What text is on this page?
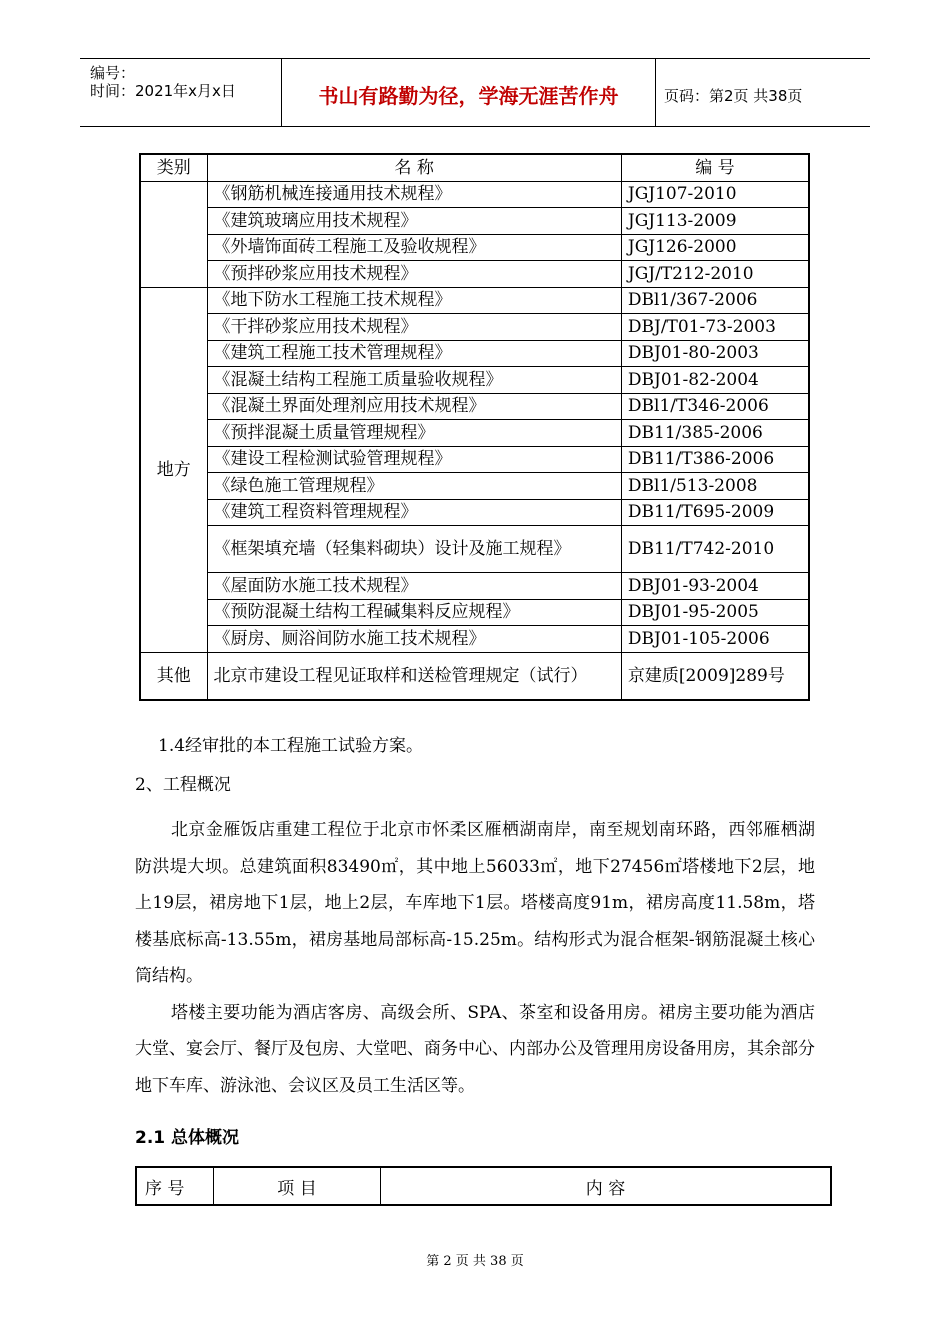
编号：
时间：2021年x月x日	书山有路勤为径，学海无涯苦作舟	页码：第2页 共38页
类别	名 称	编 号
	《钢筋机械连接通用技术规程》	JGJ107-2010
	《建筑玻璃应用技术规程》	JGJ113-2009
	《外墙饰面砖工程施工及验收规程》	JGJ126-2000
	《预拌砂浆应用技术规程》	JGJ/T212-2010
地方	《地下防水工程施工技术规程》	DBl1/367-2006
	《干拌砂浆应用技术规程》	DBJ/T01-73-2003
	《建筑工程施工技术管理规程》	DBJ01-80-2003
	《混凝土结构工程施工质量验收规程》	DBJ01-82-2004
	《混凝土界面处理剂应用技术规程》	DBl1/T346-2006
	《预拌混凝土质量管理规程》	DB11/385-2006
	《建设工程检测试验管理规程》	DB11/T386-2006
	《绿色施工管理规程》	DBl1/513-2008
	《建筑工程资料管理规程》	DB11/T695-2009
	《框架填充墙（轻集料砌块）设计及施工规程》	DB11/T742-2010
	《屋面防水施工技术规程》	DBJ01-93-2004
	《预防混凝土结构工程碱集料反应规程》	DBJ01-95-2005
	《厨房、厕浴间防水施工技术规程》	DBJ01-105-2006
其他	北京市建设工程见证取样和送检管理规定（试行）	京建质[2009]289号
1.4经审批的本工程施工试验方案。
2、工程概况

北京金雁饭店重建工程位于北京市怀柔区雁栖湖南岸，南至规划南环路，西邻雁栖湖防洪堤大坝。总建筑面积83490㎡，其中地上56033㎡，地下27456㎡塔楼地下2层，地上19层，裙房地下1层，地上2层，车库地下1层。塔楼高度91m，裙房高度11.58m，塔楼基底标高-13.55m，裙房基地局部标高-15.25m。结构形式为混合框架-钢筋混凝土核心筒结构。

塔楼主要功能为酒店客房、高级会所、SPA、茶室和设备用房。裙房主要功能为酒店大堂、宴会厅、餐厅及包房、大堂吧、商务中心、内部办公及管理用房设备用房，其余部分地下车库、游泳池、会议区及员工生活区等。

2.1 总体概况
序 号	项 目	内 容
第 2 页 共 38 页
